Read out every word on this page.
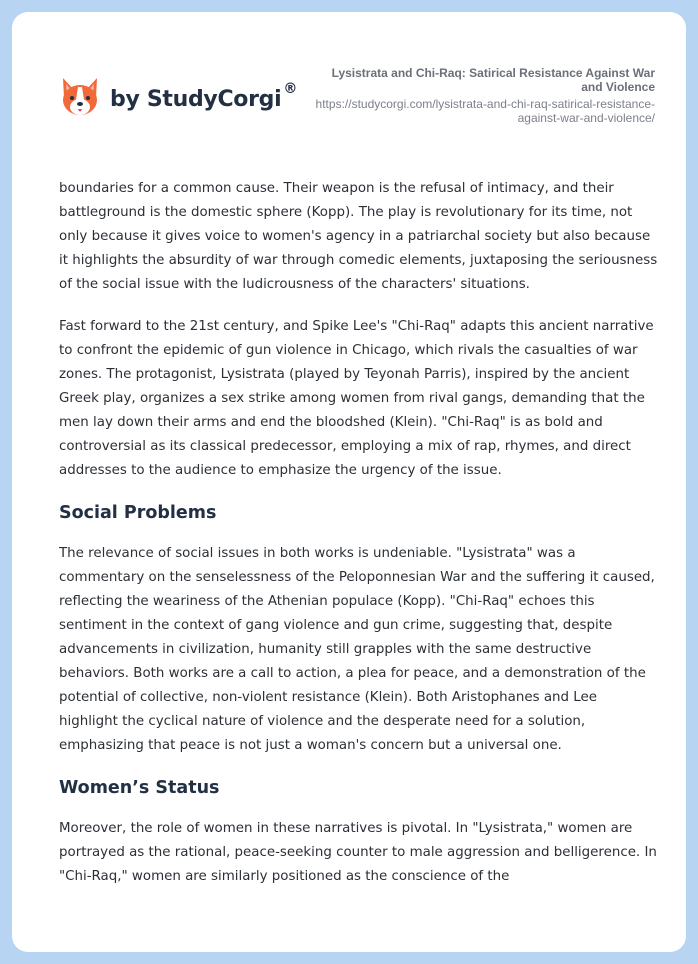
by StudyCorgi ®
Lysistrata and Chi-Raq: Satirical Resistance Against War and Violence
https://studycorgi.com/lysistrata-and-chi-raq-satirical-resistance-against-war-and-violence/

boundaries for a common cause. Their weapon is the refusal of intimacy, and their battleground is the domestic sphere (Kopp). The play is revolutionary for its time, not only because it gives voice to women's agency in a patriarchal society but also because it highlights the absurdity of war through comedic elements, juxtaposing the seriousness of the social issue with the ludicrousness of the characters' situations.

Fast forward to the 21st century, and Spike Lee's "Chi-Raq" adapts this ancient narrative to confront the epidemic of gun violence in Chicago, which rivals the casualties of war zones. The protagonist, Lysistrata (played by Teyonah Parris), inspired by the ancient Greek play, organizes a sex strike among women from rival gangs, demanding that the men lay down their arms and end the bloodshed (Klein). "Chi-Raq" is as bold and controversial as its classical predecessor, employing a mix of rap, rhymes, and direct addresses to the audience to emphasize the urgency of the issue.

Social Problems

The relevance of social issues in both works is undeniable. "Lysistrata" was a commentary on the senselessness of the Peloponnesian War and the suffering it caused, reflecting the weariness of the Athenian populace (Kopp). "Chi-Raq" echoes this sentiment in the context of gang violence and gun crime, suggesting that, despite advancements in civilization, humanity still grapples with the same destructive behaviors. Both works are a call to action, a plea for peace, and a demonstration of the potential of collective, non-violent resistance (Klein). Both Aristophanes and Lee highlight the cyclical nature of violence and the desperate need for a solution, emphasizing that peace is not just a woman's concern but a universal one.

Women’s Status

Moreover, the role of women in these narratives is pivotal. In "Lysistrata," women are portrayed as the rational, peace-seeking counter to male aggression and belligerence. In "Chi-Raq," women are similarly positioned as the conscience of the
